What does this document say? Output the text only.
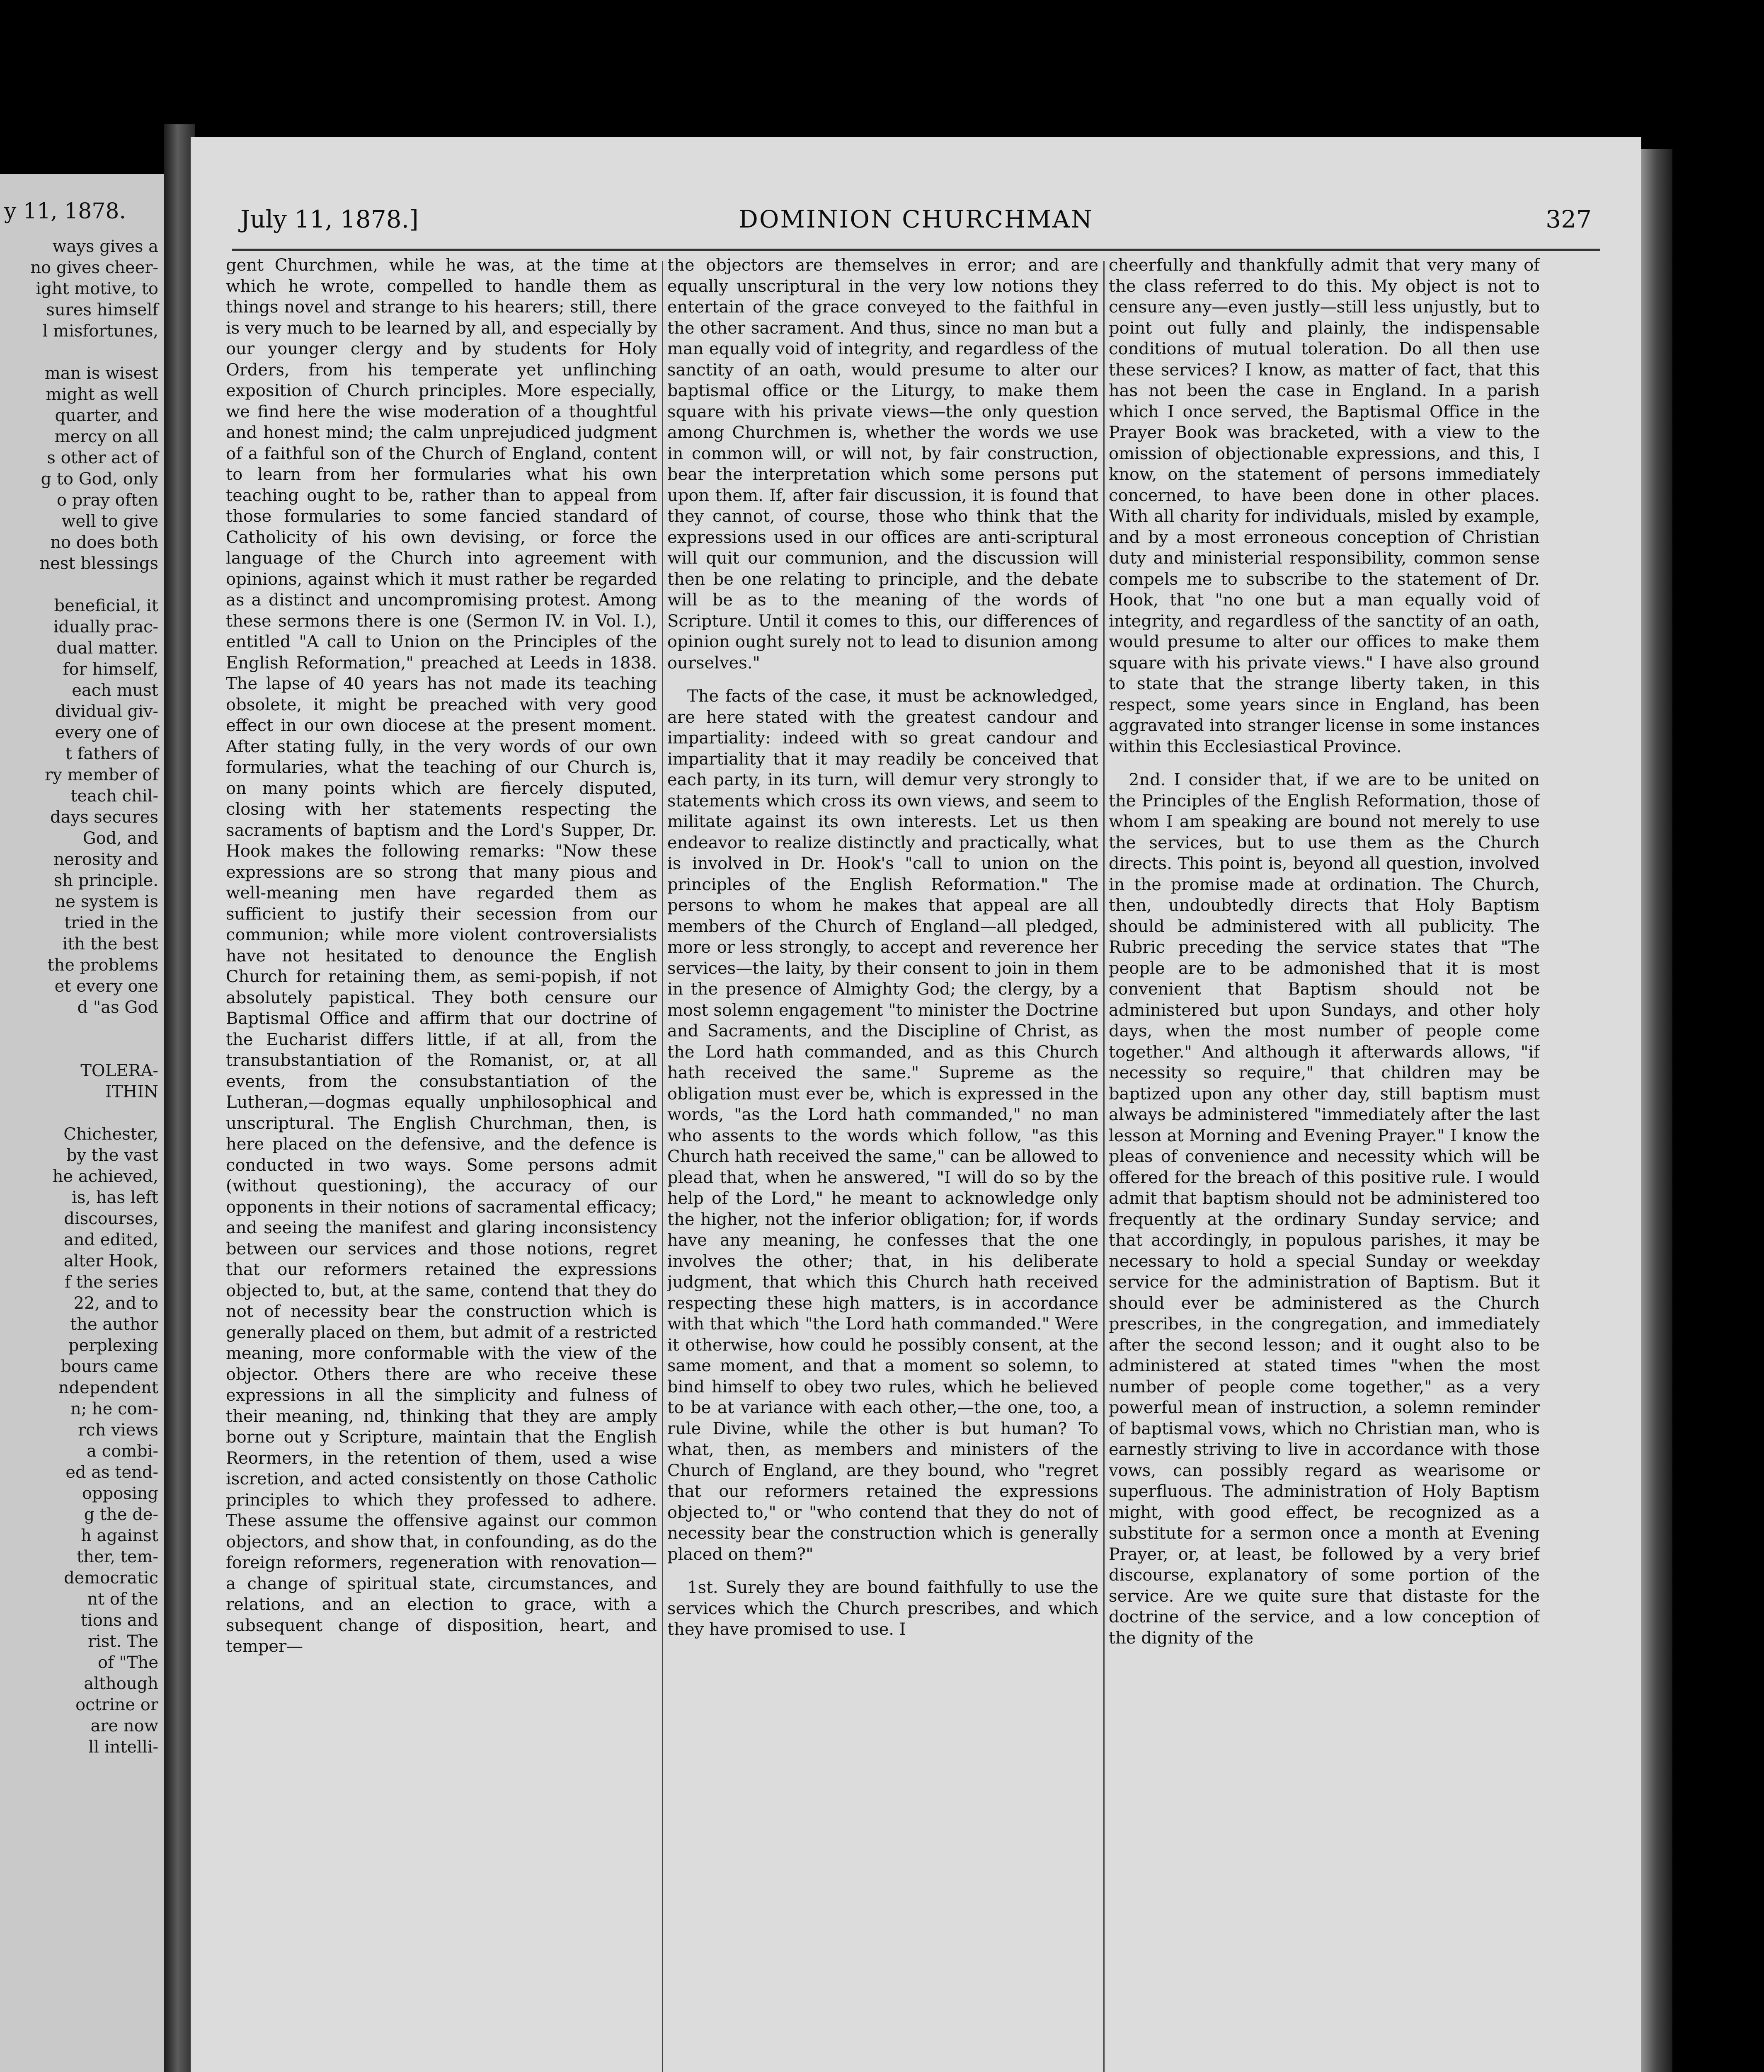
y 11, 1878.
ways gives a
no gives cheer-
ight motive, to
sures himself
l misfortunes,

man is wisest
might as well
quarter, and
mercy on all
s other act of
g to God, only
o pray often
well to give
no does both
nest blessings

beneficial, it
idually prac-
dual matter.
for himself,
each must
dividual giv-
every one of
t fathers of
ry member of
teach chil-
days secures
God, and
nerosity and
sh principle.
ne system is
tried in the
ith the best
the problems
et every one
d "as God

TOLERA-
ITHIN

Chichester,
by the vast
he achieved,
is, has left
discourses,
and edited,
alter Hook,
f the series
22, and to
the author
perplexing
bours came
ndependent
n; he com-
rch views
a combi-
ed as tend-
opposing
g the de-
h against
ther, tem-
democratic
nt of the
tions and
rist. The
of "The
although
octrine or
are now
ll intelli-
July 11, 1878.]	DOMINION CHURCHMAN	327

gent Churchmen, while he was, at the time at which he wrote, compelled to handle them as things novel and strange to his hearers; still, there is very much to be learned by all, and especially by our younger clergy and by students for Holy Orders, from his temperate yet unflinching exposition of Church principles. More especially, we find here the wise moderation of a thoughtful and honest mind; the calm unprejudiced judgment of a faithful son of the Church of England, content to learn from her formularies what his own teaching ought to be, rather than to appeal from those formularies to some fancied standard of Catholicity of his own devising, or force the language of the Church into agreement with opinions, against which it must rather be regarded as a distinct and uncompromising protest. Among these sermons there is one (Sermon IV. in Vol. I.), entitled "A call to Union on the Principles of the English Reformation," preached at Leeds in 1838. The lapse of 40 years has not made its teaching obsolete, it might be preached with very good effect in our own diocese at the present moment. After stating fully, in the very words of our own formularies, what the teaching of our Church is, on many points which are fiercely disputed, closing with her statements respecting the sacraments of baptism and the Lord's Supper, Dr. Hook makes the following remarks: "Now these expressions are so strong that many pious and well-meaning men have regarded them as sufficient to justify their secession from our communion; while more violent controversialists have not hesitated to denounce the English Church for retaining them, as semi-popish, if not absolutely papistical. They both censure our Baptismal Office and affirm that our doctrine of the Eucharist differs little, if at all, from the transubstantiation of the Romanist, or, at all events, from the consubstantiation of the Lutheran,—dogmas equally unphilosophical and unscriptural. The English Churchman, then, is here placed on the defensive, and the defence is conducted in two ways. Some persons admit (without questioning), the accuracy of our opponents in their notions of sacramental efficacy; and seeing the manifest and glaring inconsistency between our services and those notions, regret that our reformers retained the expressions objected to, but, at the same, contend that they do not of necessity bear the construction which is generally placed on them, but admit of a restricted meaning, more conformable with the view of the objector. Others there are who receive these expressions in all the simplicity and fulness of their meaning, nd, thinking that they are amply borne out y Scripture, maintain that the English Reormers, in the retention of them, used a wise iscretion, and acted consistently on those Catholic principles to which they professed to adhere. These assume the offensive against our common objectors, and show that, in confounding, as do the foreign reformers, regeneration with renovation—a change of spiritual state, circumstances, and relations, and an election to grace, with a subsequent change of disposition, heart, and temper—

the objectors are themselves in error; and are equally unscriptural in the very low notions they entertain of the grace conveyed to the faithful in the other sacrament. And thus, since no man but a man equally void of integrity, and regardless of the sanctity of an oath, would presume to alter our baptismal office or the Liturgy, to make them square with his private views—the only question among Churchmen is, whether the words we use in common will, or will not, by fair construction, bear the interpretation which some persons put upon them. If, after fair discussion, it is found that they cannot, of course, those who think that the expressions used in our offices are anti-scriptural will quit our communion, and the discussion will then be one relating to principle, and the debate will be as to the meaning of the words of Scripture. Until it comes to this, our differences of opinion ought surely not to lead to disunion among ourselves."

The facts of the case, it must be acknowledged, are here stated with the greatest candour and impartiality: indeed with so great candour and impartiality that it may readily be conceived that each party, in its turn, will demur very strongly to statements which cross its own views, and seem to militate against its own interests. Let us then endeavor to realize distinctly and practically, what is involved in Dr. Hook's "call to union on the principles of the English Reformation." The persons to whom he makes that appeal are all members of the Church of England—all pledged, more or less strongly, to accept and reverence her services—the laity, by their consent to join in them in the presence of Almighty God; the clergy, by a most solemn engagement "to minister the Doctrine and Sacraments, and the Discipline of Christ, as the Lord hath commanded, and as this Church hath received the same." Supreme as the obligation must ever be, which is expressed in the words, "as the Lord hath commanded," no man who assents to the words which follow, "as this Church hath received the same," can be allowed to plead that, when he answered, "I will do so by the help of the Lord," he meant to acknowledge only the higher, not the inferior obligation; for, if words have any meaning, he confesses that the one involves the other; that, in his deliberate judgment, that which this Church hath received respecting these high matters, is in accordance with that which "the Lord hath commanded." Were it otherwise, how could he possibly consent, at the same moment, and that a moment so solemn, to bind himself to obey two rules, which he believed to be at variance with each other,—the one, too, a rule Divine, while the other is but human? To what, then, as members and ministers of the Church of England, are they bound, who "regret that our reformers retained the expressions objected to," or "who contend that they do not of necessity bear the construction which is generally placed on them?"

1st. Surely they are bound faithfully to use the services which the Church prescribes, and which they have promised to use. I

cheerfully and thankfully admit that very many of the class referred to do this. My object is not to censure any—even justly—still less unjustly, but to point out fully and plainly, the indispensable conditions of mutual toleration. Do all then use these services? I know, as matter of fact, that this has not been the case in England. In a parish which I once served, the Baptismal Office in the Prayer Book was bracketed, with a view to the omission of objectionable expressions, and this, I know, on the statement of persons immediately concerned, to have been done in other places. With all charity for individuals, misled by example, and by a most erroneous conception of Christian duty and ministerial responsibility, common sense compels me to subscribe to the statement of Dr. Hook, that "no one but a man equally void of integrity, and regardless of the sanctity of an oath, would presume to alter our offices to make them square with his private views." I have also ground to state that the strange liberty taken, in this respect, some years since in England, has been aggravated into stranger license in some instances within this Ecclesiastical Province.

2nd. I consider that, if we are to be united on the Principles of the English Reformation, those of whom I am speaking are bound not merely to use the services, but to use them as the Church directs. This point is, beyond all question, involved in the promise made at ordination. The Church, then, undoubtedly directs that Holy Baptism should be administered with all publicity. The Rubric preceding the service states that "The people are to be admonished that it is most convenient that Baptism should not be administered but upon Sundays, and other holy days, when the most number of people come together." And although it afterwards allows, "if necessity so require," that children may be baptized upon any other day, still baptism must always be administered "immediately after the last lesson at Morning and Evening Prayer." I know the pleas of convenience and necessity which will be offered for the breach of this positive rule. I would admit that baptism should not be administered too frequently at the ordinary Sunday service; and that accordingly, in populous parishes, it may be necessary to hold a special Sunday or weekday service for the administration of Baptism. But it should ever be administered as the Church prescribes, in the congregation, and immediately after the second lesson; and it ought also to be administered at stated times "when the most number of people come together," as a very powerful mean of instruction, a solemn reminder of baptismal vows, which no Christian man, who is earnestly striving to live in accordance with those vows, can possibly regard as wearisome or superfluous. The administration of Holy Baptism might, with good effect, be recognized as a substitute for a sermon once a month at Evening Prayer, or, at least, be followed by a very brief discourse, explanatory of some portion of the service. Are we quite sure that distaste for the doctrine of the service, and a low conception of the dignity of the
